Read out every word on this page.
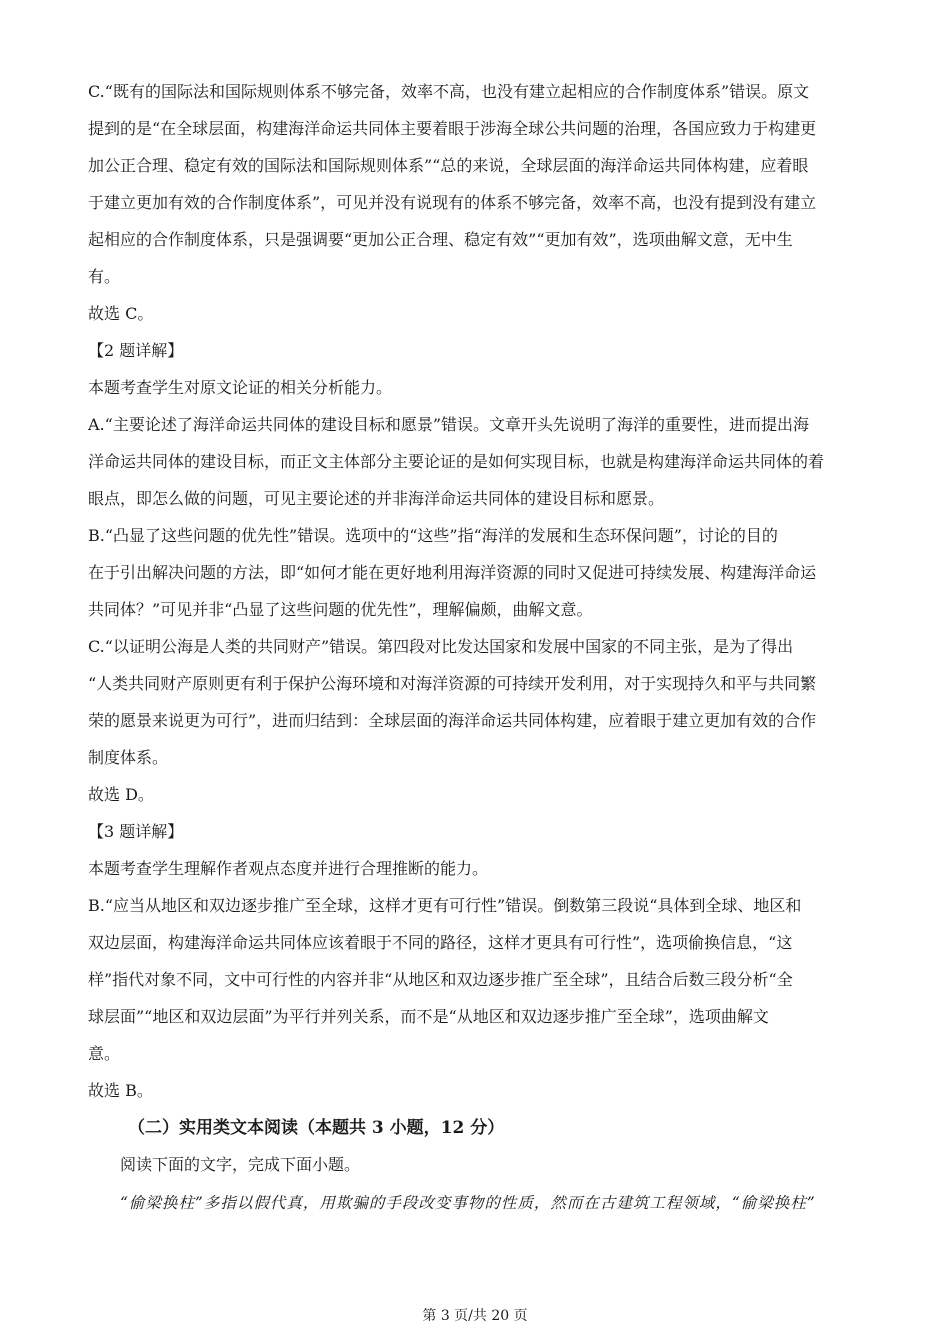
C.“既有的国际法和国际规则体系不够完备，效率不高，也没有建立起相应的合作制度体系”错误。原文
提到的是“在全球层面，构建海洋命运共同体主要着眼于涉海全球公共问题的治理，各国应致力于构建更
加公正合理、稳定有效的国际法和国际规则体系”“总的来说，全球层面的海洋命运共同体构建，应着眼
于建立更加有效的合作制度体系”，可见并没有说现有的体系不够完备，效率不高，也没有提到没有建立
起相应的合作制度体系，只是强调要“更加公正合理、稳定有效”“更加有效”，选项曲解文意，无中生
有。
故选 C。
【2 题详解】
本题考查学生对原文论证的相关分析能力。
A.“主要论述了海洋命运共同体的建设目标和愿景”错误。文章开头先说明了海洋的重要性，进而提出海
洋命运共同体的建设目标，而正文主体部分主要论证的是如何实现目标，也就是构建海洋命运共同体的着
眼点，即怎么做的问题，可见主要论述的并非海洋命运共同体的建设目标和愿景。
B.“凸显了这些问题的优先性”错误。选项中的“这些”指“海洋的发展和生态环保问题”，讨论的目的
在于引出解决问题的方法，即“如何才能在更好地利用海洋资源的同时又促进可持续发展、构建海洋命运
共同体？”可见并非“凸显了这些问题的优先性”，理解偏颇，曲解文意。
C.“以证明公海是人类的共同财产”错误。第四段对比发达国家和发展中国家的不同主张，是为了得出
“人类共同财产原则更有利于保护公海环境和对海洋资源的可持续开发利用，对于实现持久和平与共同繁
荣的愿景来说更为可行”，进而归结到：全球层面的海洋命运共同体构建，应着眼于建立更加有效的合作
制度体系。
故选 D。
【3 题详解】
本题考查学生理解作者观点态度并进行合理推断的能力。
B.“应当从地区和双边逐步推广至全球，这样才更有可行性”错误。倒数第三段说“具体到全球、地区和
双边层面，构建海洋命运共同体应该着眼于不同的路径，这样才更具有可行性”，选项偷换信息，“这
样”指代对象不同，文中可行性的内容并非“从地区和双边逐步推广至全球”，且结合后数三段分析“全
球层面”“地区和双边层面”为平行并列关系，而不是“从地区和双边逐步推广至全球”，选项曲解文
意。
故选 B。
（二）实用类文本阅读（本题共 3 小题，12 分）
阅读下面的文字，完成下面小题。
“偷梁换柱”多指以假代真，用欺骗的手段改变事物的性质，然而在古建筑工程领域，“偷梁换柱”
第 3 页/共 20 页
